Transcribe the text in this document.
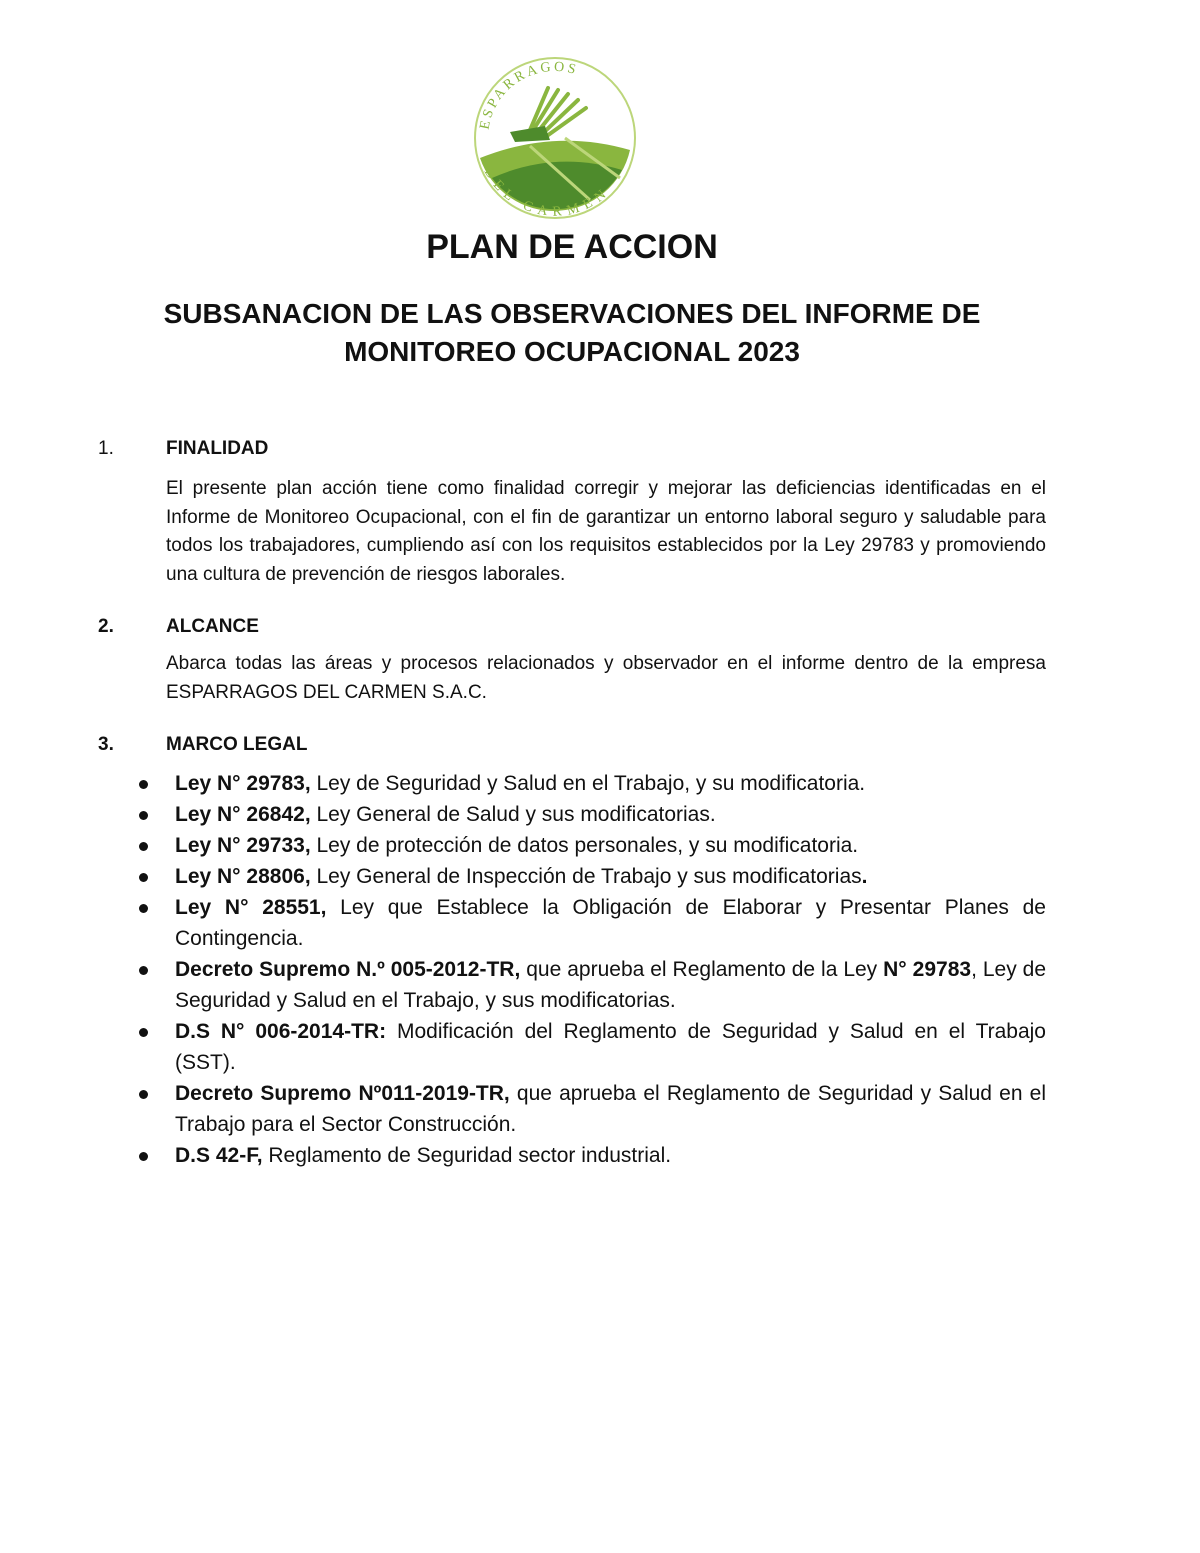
ESPARRAGOS
DEL CARMEN
PLAN DE ACCION
SUBSANACION DE LAS OBSERVACIONES DEL INFORME DE MONITOREO OCUPACIONAL 2023
1.	FINALIDAD

El presente plan acción tiene como finalidad corregir y mejorar las deficiencias identificadas en el Informe de Monitoreo Ocupacional, con el fin de garantizar un entorno laboral seguro y saludable para todos los trabajadores, cumpliendo así con los requisitos establecidos por la Ley 29783 y promoviendo una cultura de prevención de riesgos laborales.

2.	ALCANCE

Abarca todas las áreas y procesos relacionados y observador en el informe dentro de la empresa ESPARRAGOS DEL CARMEN S.A.C.

3.	MARCO LEGAL
Ley N° 29783, Ley de Seguridad y Salud en el Trabajo, y su modificatoria.
Ley N° 26842, Ley General de Salud y sus modificatorias.
Ley N° 29733, Ley de protección de datos personales, y su modificatoria.
Ley N° 28806, Ley General de Inspección de Trabajo y sus modificatorias.
Ley N° 28551, Ley que Establece la Obligación de Elaborar y Presentar Planes de Contingencia.
Decreto Supremo N.º 005-2012-TR, que aprueba el Reglamento de la Ley N° 29783, Ley de Seguridad y Salud en el Trabajo, y sus modificatorias.
D.S N° 006-2014-TR: Modificación del Reglamento de Seguridad y Salud en el Trabajo (SST).
Decreto Supremo Nº011-2019-TR, que aprueba el Reglamento de Seguridad y Salud en el Trabajo para el Sector Construcción.
D.S 42-F, Reglamento de Seguridad sector industrial.
